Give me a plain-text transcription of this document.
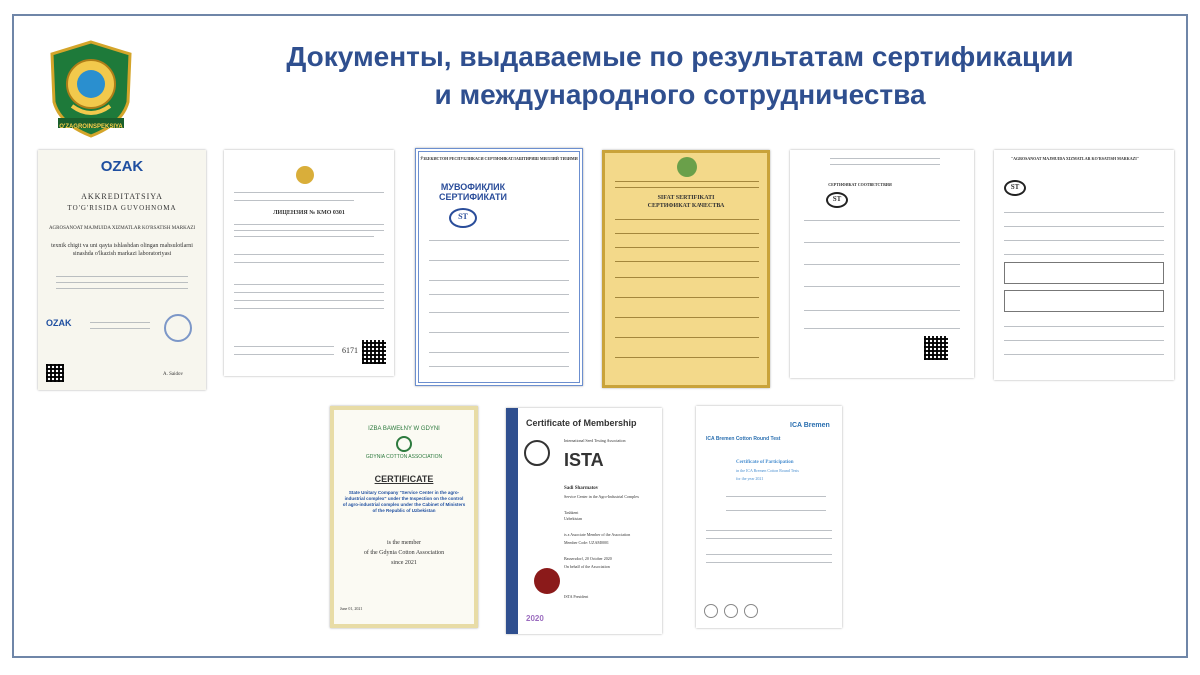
O'ZAGROINSPEKSIYA
Документы, выдаваемые по результатам сертификации
и международного сотрудничества
OZAK
AKKREDITATSIYA
TO'G'RISIDA GUVOHNOMA
AGROSANOAT MAJMUIDA XIZMATLAR KO'RSATISH MARKAZI
texnik chigit va uni qayta ishlashdan olingan mahsulotlarni sinashda o'lkazish markazi laboratoriyasi
OZAK
A. Saidov
ЛИЦЕНЗИЯ № КМО 0301
6171
ЎЗБЕКИСТОН РЕСПУБЛИКАСИ СЕРТИФИКАТЛАШТИРИШ МИЛЛИЙ ТИЗИМИ
МУВОФИҚЛИК СЕРТИФИКАТИ
ST
SIFAT SERTIFIKATI
СЕРТИФИКАТ КАЧЕСТВА
СЕРТИФИКАТ СООТВЕТСТВИЯ
ST
"AGROSANOAT MAJMUIDA XIZMATLAR KO'RSATISH MARKAZI"
ST
IZBA BAWEŁNY W GDYNI
GDYNIA COTTON ASSOCIATION
CERTIFICATE
State Unitary Company "Service Center in the agro-industrial complex" under the Inspection on the control of agro-industrial complex under the Cabinet of Ministers of the Republic of Uzbekistan
is the member
of the Gdynia Cotton Association
since 2021
June 01, 2021
Certificate of Membership
International Seed Testing Association
ISTA
Sadi Sharmatov
Service Center in the Agro-Industrial Complex
Tashkent
Uzbekistan
is a Associate Member of the Association
Member Code: UZAM0001
Bassersdorf, 20 October 2020
On behalf of the Association
ISTA President
2020
ICA Bremen
ICA Bremen Cotton Round Test
Certificate of Participation
in the ICA Bremen Cotton Round Tests
for the year 2021
